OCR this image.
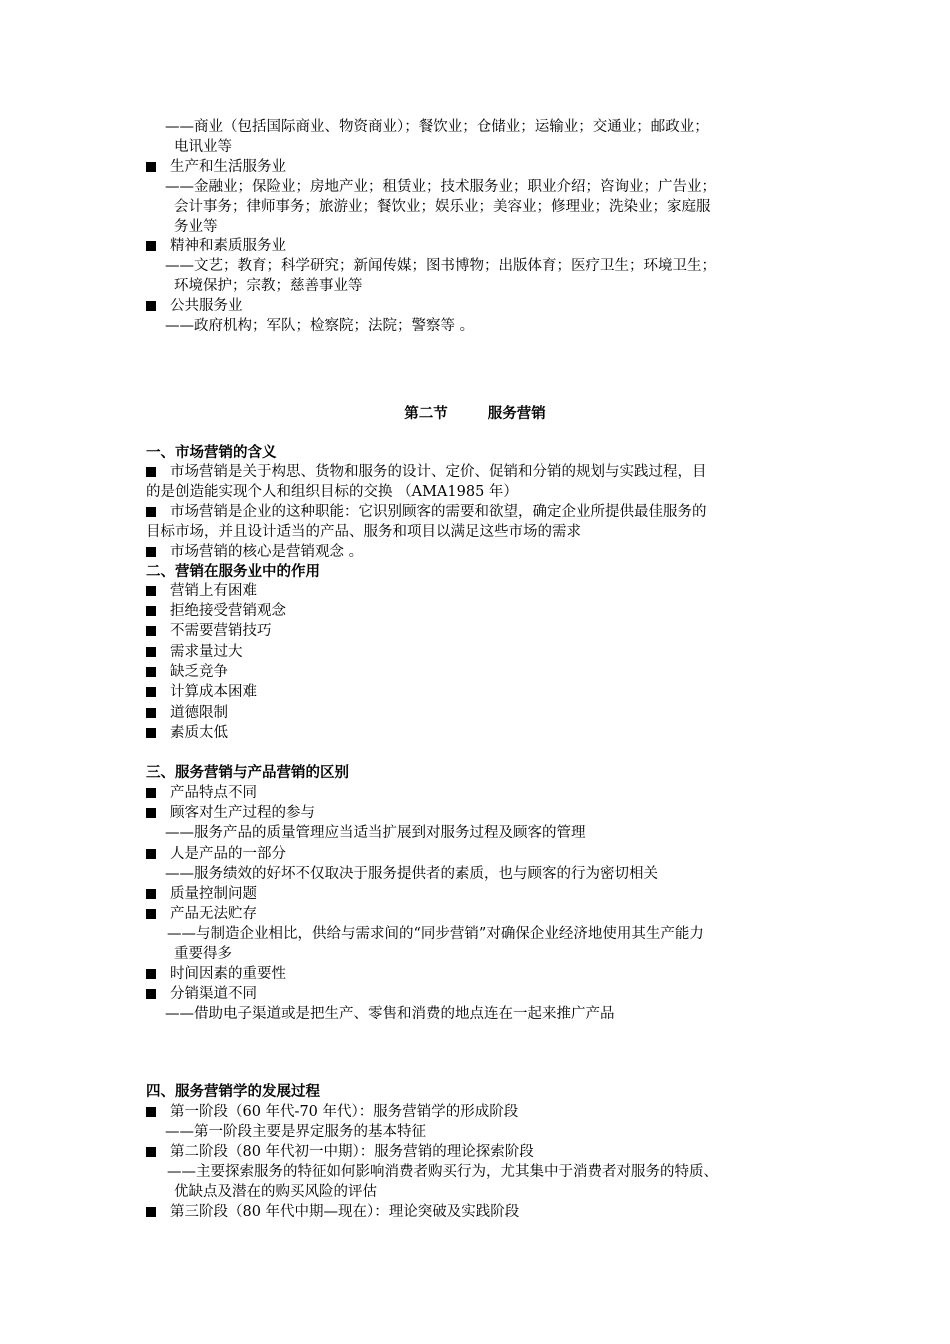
——商业（包括国际商业、物资商业）；餐饮业；仓储业；运输业；交通业；邮政业；
电讯业等
生产和生活服务业
——金融业；保险业；房地产业；租赁业；技术服务业；职业介绍；咨询业；广告业；
会计事务；律师事务；旅游业；餐饮业；娱乐业；美容业；修理业；洗染业；家庭服
务业等
精神和素质服务业
——文艺；教育；科学研究；新闻传媒；图书博物；出版体育；医疗卫生；环境卫生；
环境保护；宗教；慈善事业等
公共服务业
——政府机构；军队；检察院；法院；警察等 。
第二节	服务营销
一、市场营销的含义
市场营销是关于构思、货物和服务的设计、定价、促销和分销的规划与实践过程，目
的是创造能实现个人和组织目标的交换 （AMA1985 年）
市场营销是企业的这种职能：它识别顾客的需要和欲望，确定企业所提供最佳服务的
目标市场，并且设计适当的产品、服务和项目以满足这些市场的需求
市场营销的核心是营销观念 。
二、营销在服务业中的作用
营销上有困难
拒绝接受营销观念
不需要营销技巧
需求量过大
缺乏竞争
计算成本困难
道德限制
素质太低
三、服务营销与产品营销的区别
产品特点不同
顾客对生产过程的参与
——服务产品的质量管理应当适当扩展到对服务过程及顾客的管理
人是产品的一部分
——服务绩效的好坏不仅取决于服务提供者的素质，也与顾客的行为密切相关
质量控制问题
产品无法贮存
——与制造企业相比，供给与需求间的“同步营销”对确保企业经济地使用其生产能力
重要得多
时间因素的重要性
分销渠道不同
——借助电子渠道或是把生产、零售和消费的地点连在一起来推广产品
四、服务营销学的发展过程
第一阶段（60 年代-70 年代）：服务营销学的形成阶段
——第一阶段主要是界定服务的基本特征
第二阶段（80 年代初一中期）：服务营销的理论探索阶段
——主要探索服务的特征如何影响消费者购买行为，尤其集中于消费者对服务的特质、
优缺点及潜在的购买风险的评估
第三阶段（80 年代中期—现在）：理论突破及实践阶段
